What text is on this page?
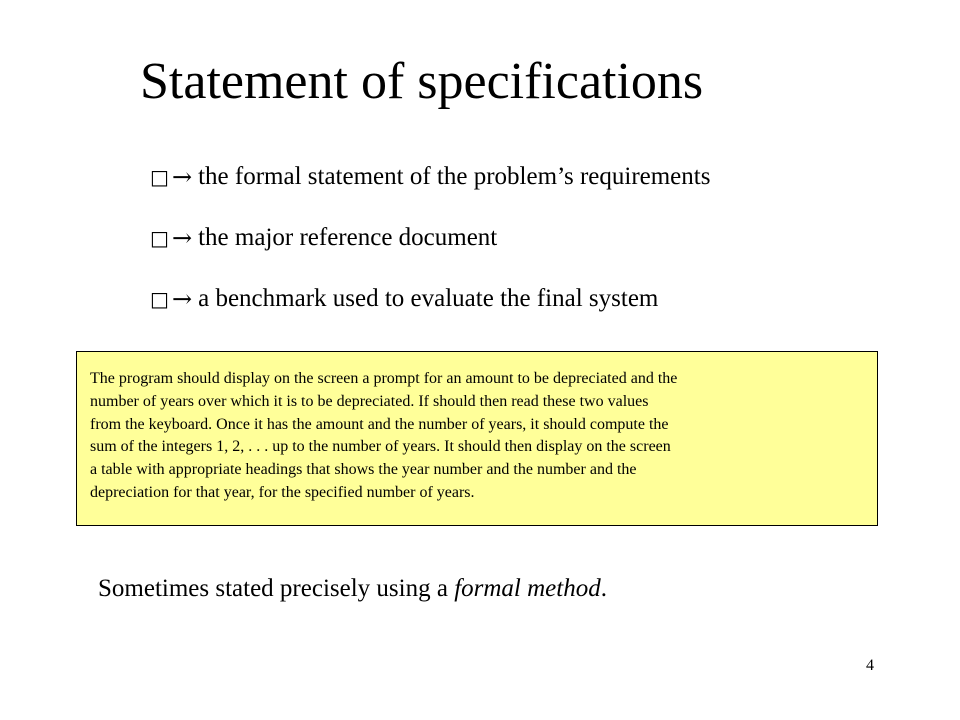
Statement of specifications
□ → the formal statement of the problem’s requirements
□ → the major reference document
□ → a benchmark used to evaluate the final system

The program should display on the screen a prompt for an amount to be depreciated and the
number of years over which it is to be depreciated. If should then read these two values
from the keyboard. Once it has the amount and the number of years, it should compute the
sum of the integers 1, 2, . . . up to the number of years. It should then display on the screen
a table with appropriate headings that shows the year number and the number and the
depreciation for that year, for the specified number of years.

Sometimes stated precisely using a formal method.

4
